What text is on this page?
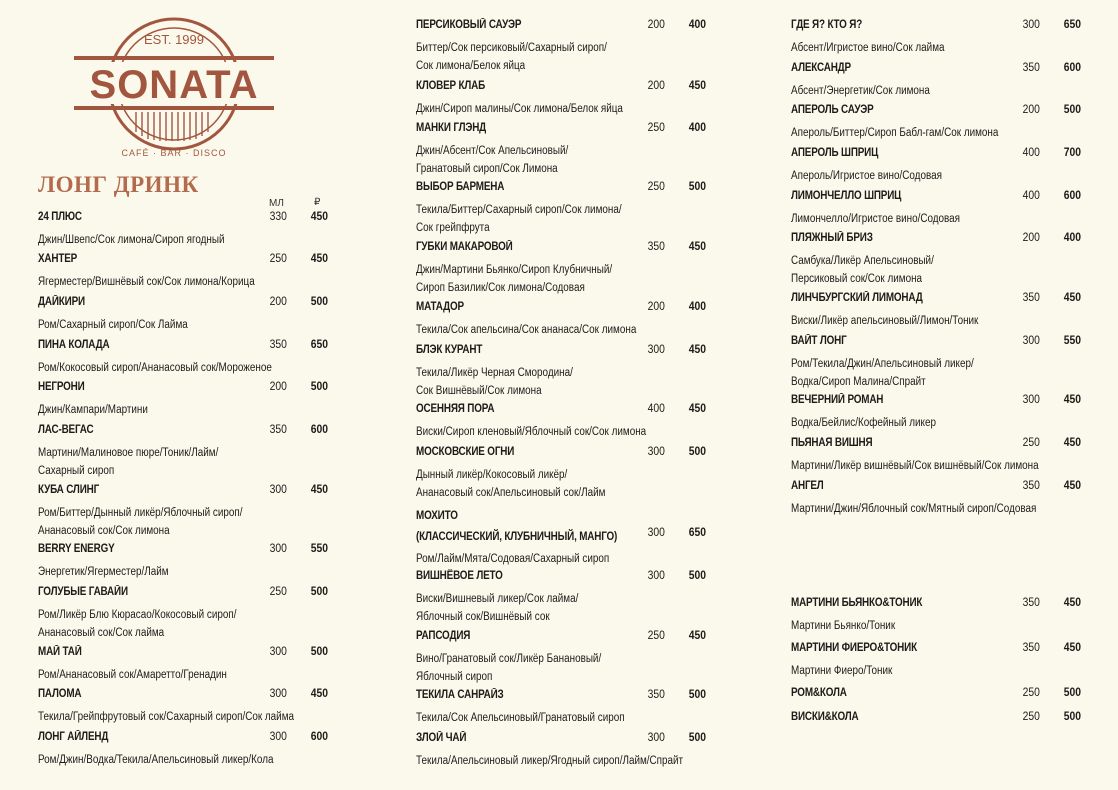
SONATA
EST. 1999
CAFÉ · BAR · DISCO
ЛОНГ ДРИНК
МЛ	₽
24 ПЛЮС	330 450
Джин/Швепс/Сок лимона/Сироп ягодный
ХАНТЕР	250 450
Ягерместер/Вишнёвый сок/Сок лимона/Корица
ДАЙКИРИ	200 500
Ром/Сахарный сироп/Сок Лайма
ПИНА КОЛАДА	350 650
Ром/Кокосовый сироп/Ананасовый сок/Мороженое
НЕГРОНИ	200 500
Джин/Кампари/Мартини
ЛАС-ВЕГАС	350 600
Мартини/Малиновое пюре/Тоник/Лайм/
Сахарный сироп
КУБА СЛИНГ	300 450
Ром/Биттер/Дынный ликёр/Яблочный сироп/
Ананасовый сок/Сок лимона
BERRY ENERGY	300 550
Энергетик/Ягерместер/Лайм
ГОЛУБЫЕ ГАВАЙИ	250 500
Ром/Ликёр Блю Кюрасао/Кокосовый сироп/
Ананасовый сок/Сок лайма
МАЙ ТАЙ	300 500
Ром/Ананасовый сок/Амаретто/Гренадин
ПАЛОМА	300 450
Текила/Грейпфрутовый сок/Сахарный сироп/Сок лайма
ЛОНГ АЙЛЕНД	300 600
Ром/Джин/Водка/Текила/Апельсиновый ликер/Кола
ПЕРСИКОВЫЙ САУЭР	200 400
Биттер/Сок персиковый/Сахарный сироп/
Сок лимона/Белок яйца
КЛОВЕР КЛАБ	200 450
Джин/Сироп малины/Сок лимона/Белок яйца
МАНКИ ГЛЭНД	250 400
Джин/Абсент/Сок Апельсиновый/
Гранатовый сироп/Сок Лимона
ВЫБОР БАРМЕНА	250 500
Текила/Биттер/Сахарный сироп/Сок лимона/
Сок грейпфрута
ГУБКИ МАКАРОВОЙ	350 450
Джин/Мартини Бьянко/Сироп Клубничный/
Сироп Базилик/Сок лимона/Содовая
МАТАДОР	200 400
Текила/Сок апельсина/Сок ананаса/Сок лимона
БЛЭК КУРАНТ	300 450
Текила/Ликёр Черная Смородина/
Сок Вишнёвый/Сок лимона
ОСЕННЯЯ ПОРА	400 450
Виски/Сироп кленовый/Яблочный сок/Сок лимона
МОСКОВСКИЕ ОГНИ	300 500
Дынный ликёр/Кокосовый ликёр/
Ананасовый сок/Апельсиновый сок/Лайм
МОХИТО
(КЛАССИЧЕСКИЙ, КЛУБНИЧНЫЙ, МАНГО)	300 650
Ром/Лайм/Мята/Содовая/Сахарный сироп
ВИШНЁВОЕ ЛЕТО	300 500
Виски/Вишневый ликер/Сок лайма/
Яблочный сок/Вишнёвый сок
РАПСОДИЯ	250 450
Вино/Гранатовый сок/Ликёр Банановый/
Яблочный сироп
ТЕКИЛА САНРАЙЗ	350 500
Текила/Сок Апельсиновый/Гранатовый сироп
ЗЛОЙ ЧАЙ	300 500
Текила/Апельсиновый ликер/Ягодный сироп/Лайм/Спрайт
ГДЕ Я? КТО Я?	300 650
Абсент/Игристое вино/Сок лайма
АЛЕКСАНДР	350 600
Абсент/Энергетик/Сок лимона
АПЕРОЛЬ САУЭР	200 500
Апероль/Биттер/Сироп Бабл-гам/Сок лимона
АПЕРОЛЬ ШПРИЦ	400 700
Апероль/Игристое вино/Содовая
ЛИМОНЧЕЛЛО ШПРИЦ	400 600
Лимончелло/Игристое вино/Содовая
ПЛЯЖНЫЙ БРИЗ	200 400
Самбука/Ликёр Апельсиновый/
Персиковый сок/Сок лимона
ЛИНЧБУРГСКИЙ ЛИМОНАД	350 450
Виски/Ликёр апельсиновый/Лимон/Тоник
ВАЙТ ЛОНГ	300 550
Ром/Текила/Джин/Апельсиновый ликер/
Водка/Сироп Малина/Спрайт
ВЕЧЕРНИЙ РОМАН	300 450
Водка/Бейлис/Кофейный ликер
ПЬЯНАЯ ВИШНЯ	250 450
Мартини/Ликёр вишнёвый/Сок вишнёвый/Сок лимона
АНГЕЛ	350 450
Мартини/Джин/Яблочный сок/Мятный сироп/Содовая
МАРТИНИ БЬЯНКО&ТОНИК	350 450
Мартини Бьянко/Тоник
МАРТИНИ ФИЕРО&ТОНИК	350 450
Мартини Фиеро/Тоник
РОМ&КОЛА	250 500
ВИСКИ&КОЛА	250 500
